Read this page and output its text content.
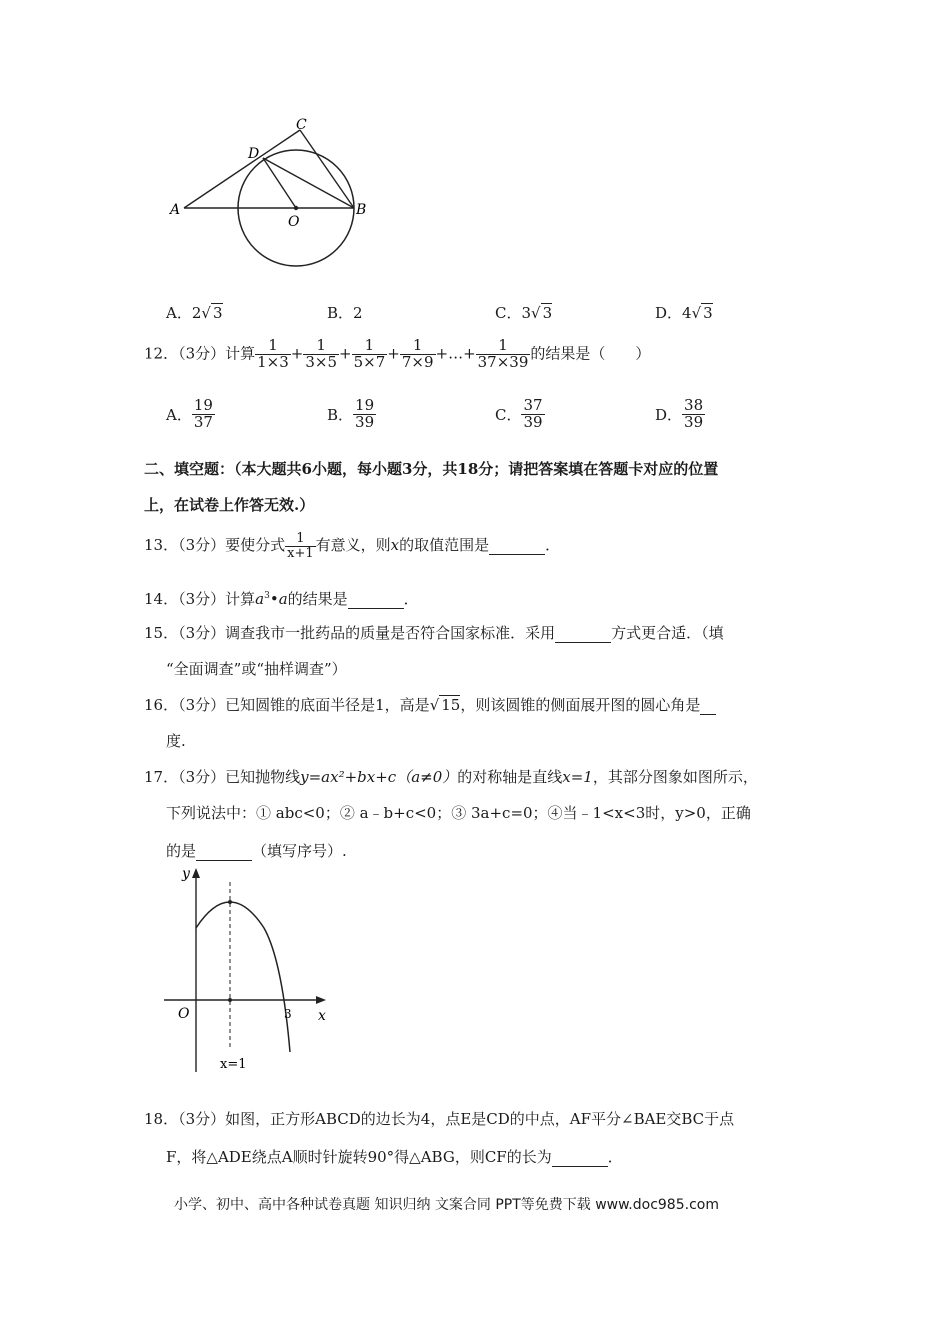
A	B
C
D
O
A．2√ 3	B．2	C．3√ 3	D．4√ 3
12．（3分）计算 $\frac{1}{1\times 3} + \frac{1}{3\times 5} + \frac{1}{5\times 7} + \frac{1}{7\times 9}$ +…+ $\frac{1}{37\times 39}$ 的结果是（　　）
A． $\frac{19}{37}$	B． $\frac{19}{39}$	C． $\frac{37}{39}$	D． $\frac{38}{39}$
二、填空题：（本大题共6小题，每小题3分，共18分；请把答案填在答题卡对应的位置
上，在试卷上作答无效.）
13．（3分）要使分式 $\frac{1}{x+1}$ 有意义，则x的取值范围是	．
14．（3分）计算$a^3•a$的结果是	．
15．（3分）调查我市一批药品的质量是否符合国家标准．采用	方式更合适．（填
“全面调查”或“抽样调查”）
16．（3分）已知圆锥的底面半径是1，高是√ 15，则该圆锥的侧面展开图的圆心角是
度.
17．（3分）已知抛物线y=ax²+bx+c（a≠0）的对称轴是直线x=1，其部分图象如图所示，
下列说法中：① abc<0；② a﹣b+c<0；③ 3a+c=0；④当﹣1<x<3时，y>0，正确
的是	（填写序号）.
y
x
O	3
x=1
18．（3分）如图，正方形ABCD的边长为4，点E是CD的中点，AF平分∠BAE交BC于点
F，将△ADE绕点A顺时针旋转90°得△ABG，则CF的长为	．
小学、初中、高中各种试卷真题 知识归纳 文案合同 PPT等免费下载 www.doc985.com
